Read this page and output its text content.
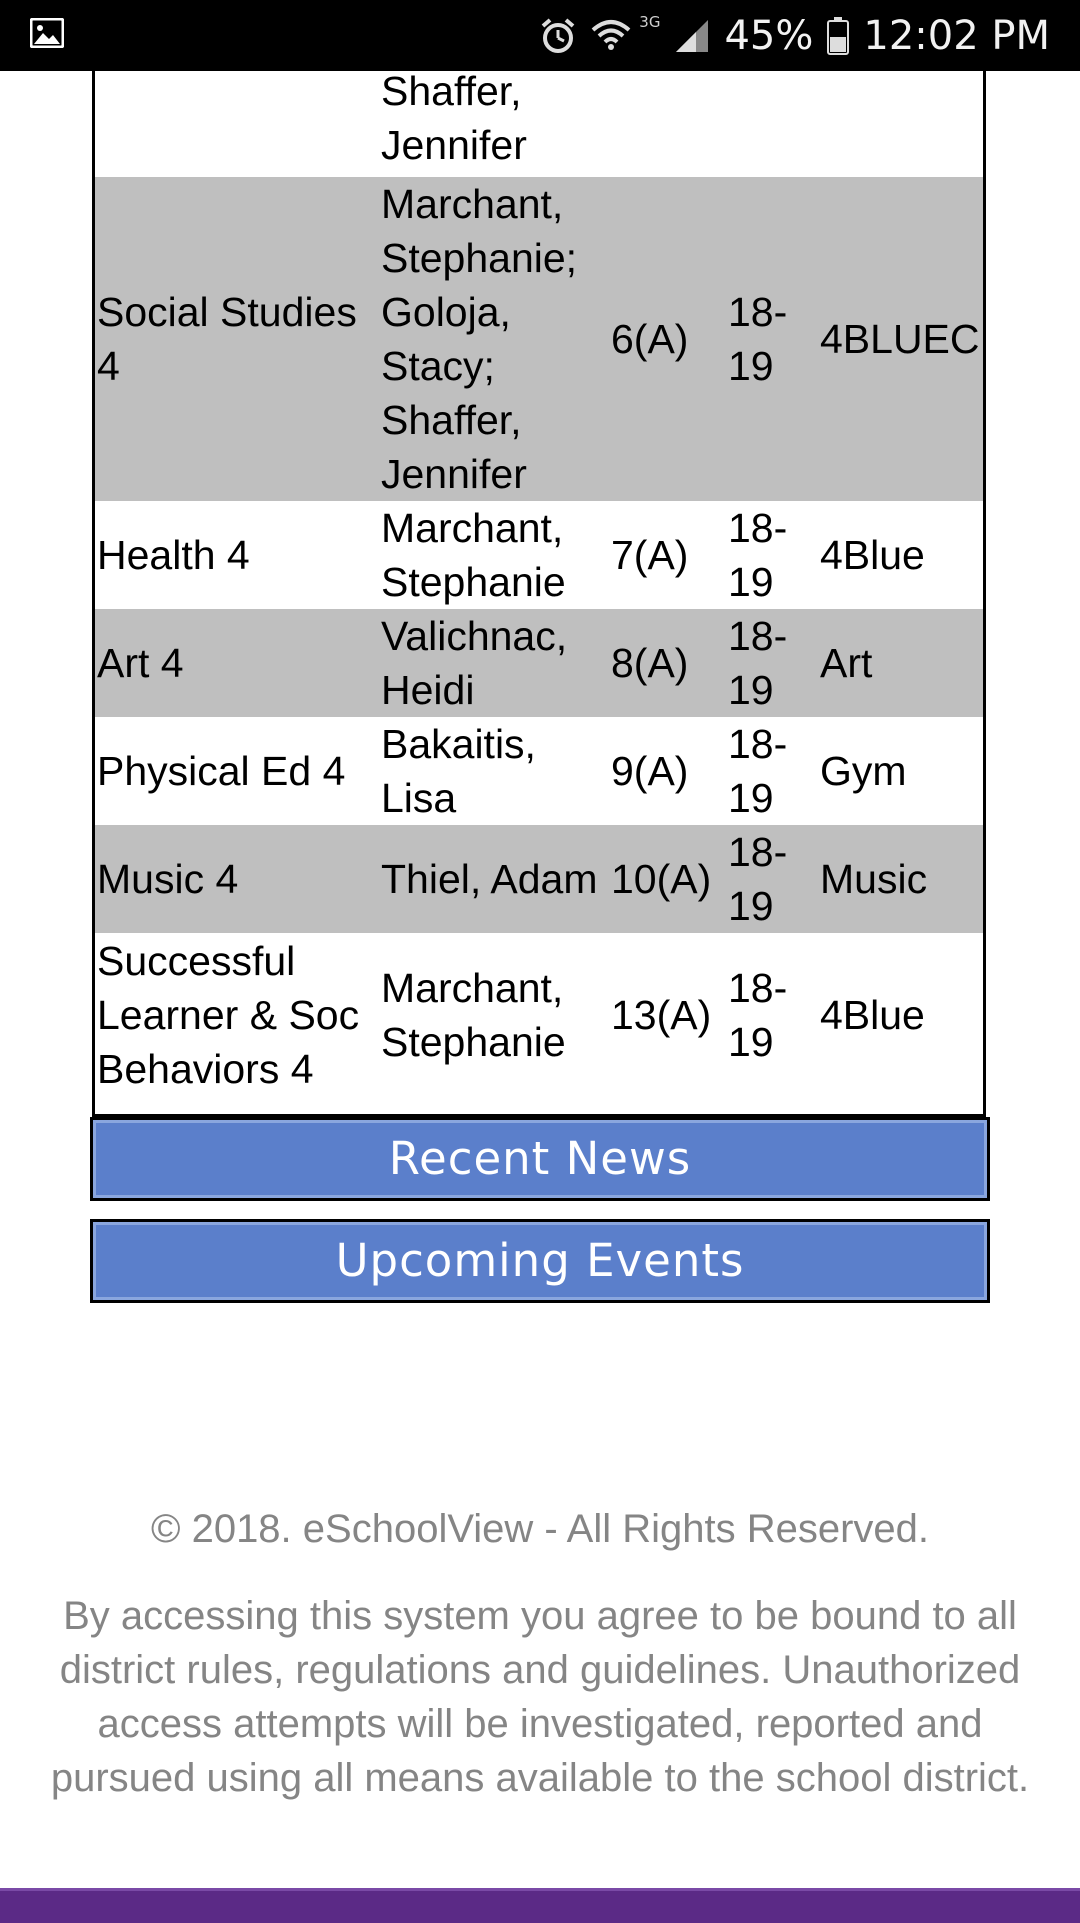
3G 45% 12:02 PM

Shaffer,
Jennifer			
Social Studies 4	Marchant, Stephanie; Goloja, Stacy; Shaffer, Jennifer	6(A)	18-19	4BLUEC
Health 4	Marchant, Stephanie	7(A)	18-19	4Blue
Art 4	Valichnac, Heidi	8(A)	18-19	Art
Physical Ed 4	Bakaitis, Lisa	9(A)	18-19	Gym
Music 4	Thiel, Adam	10(A)	18-19	Music
Successful Learner & Soc Behaviors 4	Marchant, Stephanie	13(A)	18-19	4Blue
Recent News
Upcoming Events
© 2018. eSchoolView - All Rights Reserved.
By accessing this system you agree to be bound to all district rules, regulations and guidelines. Unauthorized access attempts will be investigated, reported and pursued using all means available to the school district.
